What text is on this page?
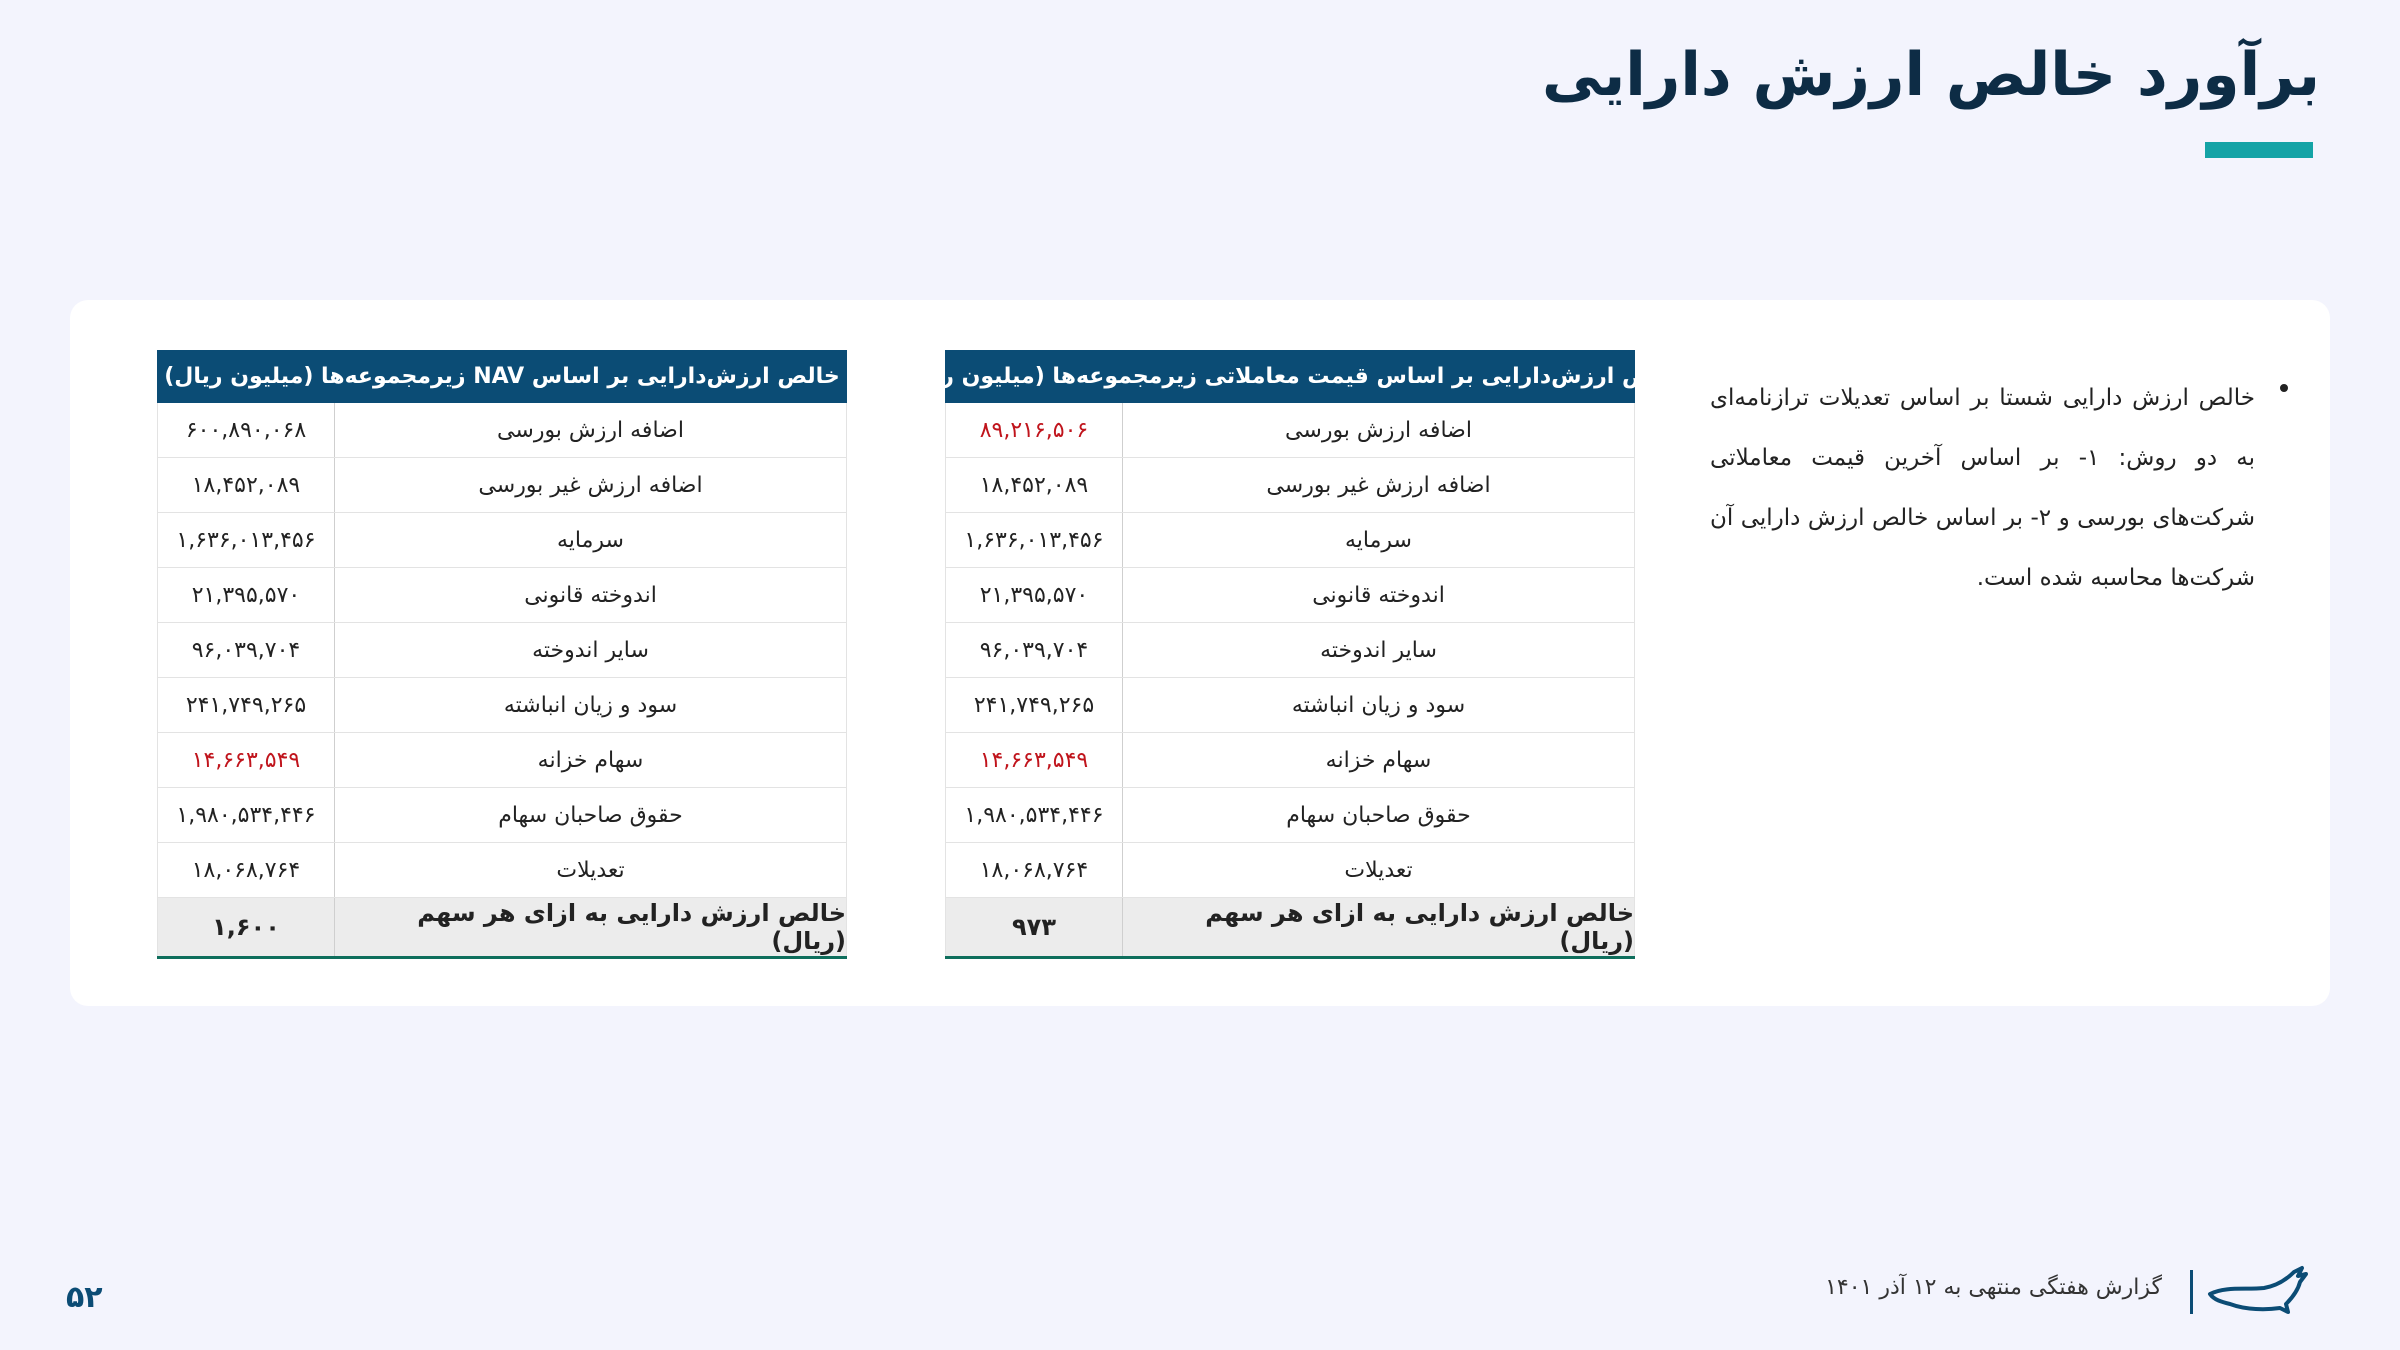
برآورد خالص ارزش دارایی

خالص ارزش دارایی شستا بر اساس تعدیلات ترازنامه‌ای به دو روش: ۱- بر اساس آخرین قیمت معاملاتی شرکت‌های بورسی و ۲- بر اساس خالص ارزش دارایی آن شرکت‌ها محاسبه شده است.

خالص ارزش‌دارایی بر اساس قیمت معاملاتی زیرمجموعه‌ها (میلیون ریال)
اضافه ارزش بورسی
۸۹,۲۱۶,۵۰۶
اضافه ارزش غیر بورسی
۱۸,۴۵۲,۰۸۹
سرمایه
۱,۶۳۶,۰۱۳,۴۵۶
اندوخته قانونی
۲۱,۳۹۵,۵۷۰
سایر اندوخته
۹۶,۰۳۹,۷۰۴
سود و زیان انباشته
۲۴۱,۷۴۹,۲۶۵
سهام خزانه
۱۴,۶۶۳,۵۴۹
حقوق صاحبان سهام
۱,۹۸۰,۵۳۴,۴۴۶
تعدیلات
۱۸,۰۶۸,۷۶۴
خالص ارزش دارایی به ازای هر سهم (ریال)
۹۷۳
خالص ارزش‌دارایی بر اساس NAV زیرمجموعه‌ها (میلیون ریال)
اضافه ارزش بورسی
۶۰۰,۸۹۰,۰۶۸
اضافه ارزش غیر بورسی
۱۸,۴۵۲,۰۸۹
سرمایه
۱,۶۳۶,۰۱۳,۴۵۶
اندوخته قانونی
۲۱,۳۹۵,۵۷۰
سایر اندوخته
۹۶,۰۳۹,۷۰۴
سود و زیان انباشته
۲۴۱,۷۴۹,۲۶۵
سهام خزانه
۱۴,۶۶۳,۵۴۹
حقوق صاحبان سهام
۱,۹۸۰,۵۳۴,۴۴۶
تعدیلات
۱۸,۰۶۸,۷۶۴
خالص ارزش دارایی به ازای هر سهم (ریال)
۱,۶۰۰
گزارش هفتگی منتهی به ۱۲ آذر ۱۴۰۱
۵۲
